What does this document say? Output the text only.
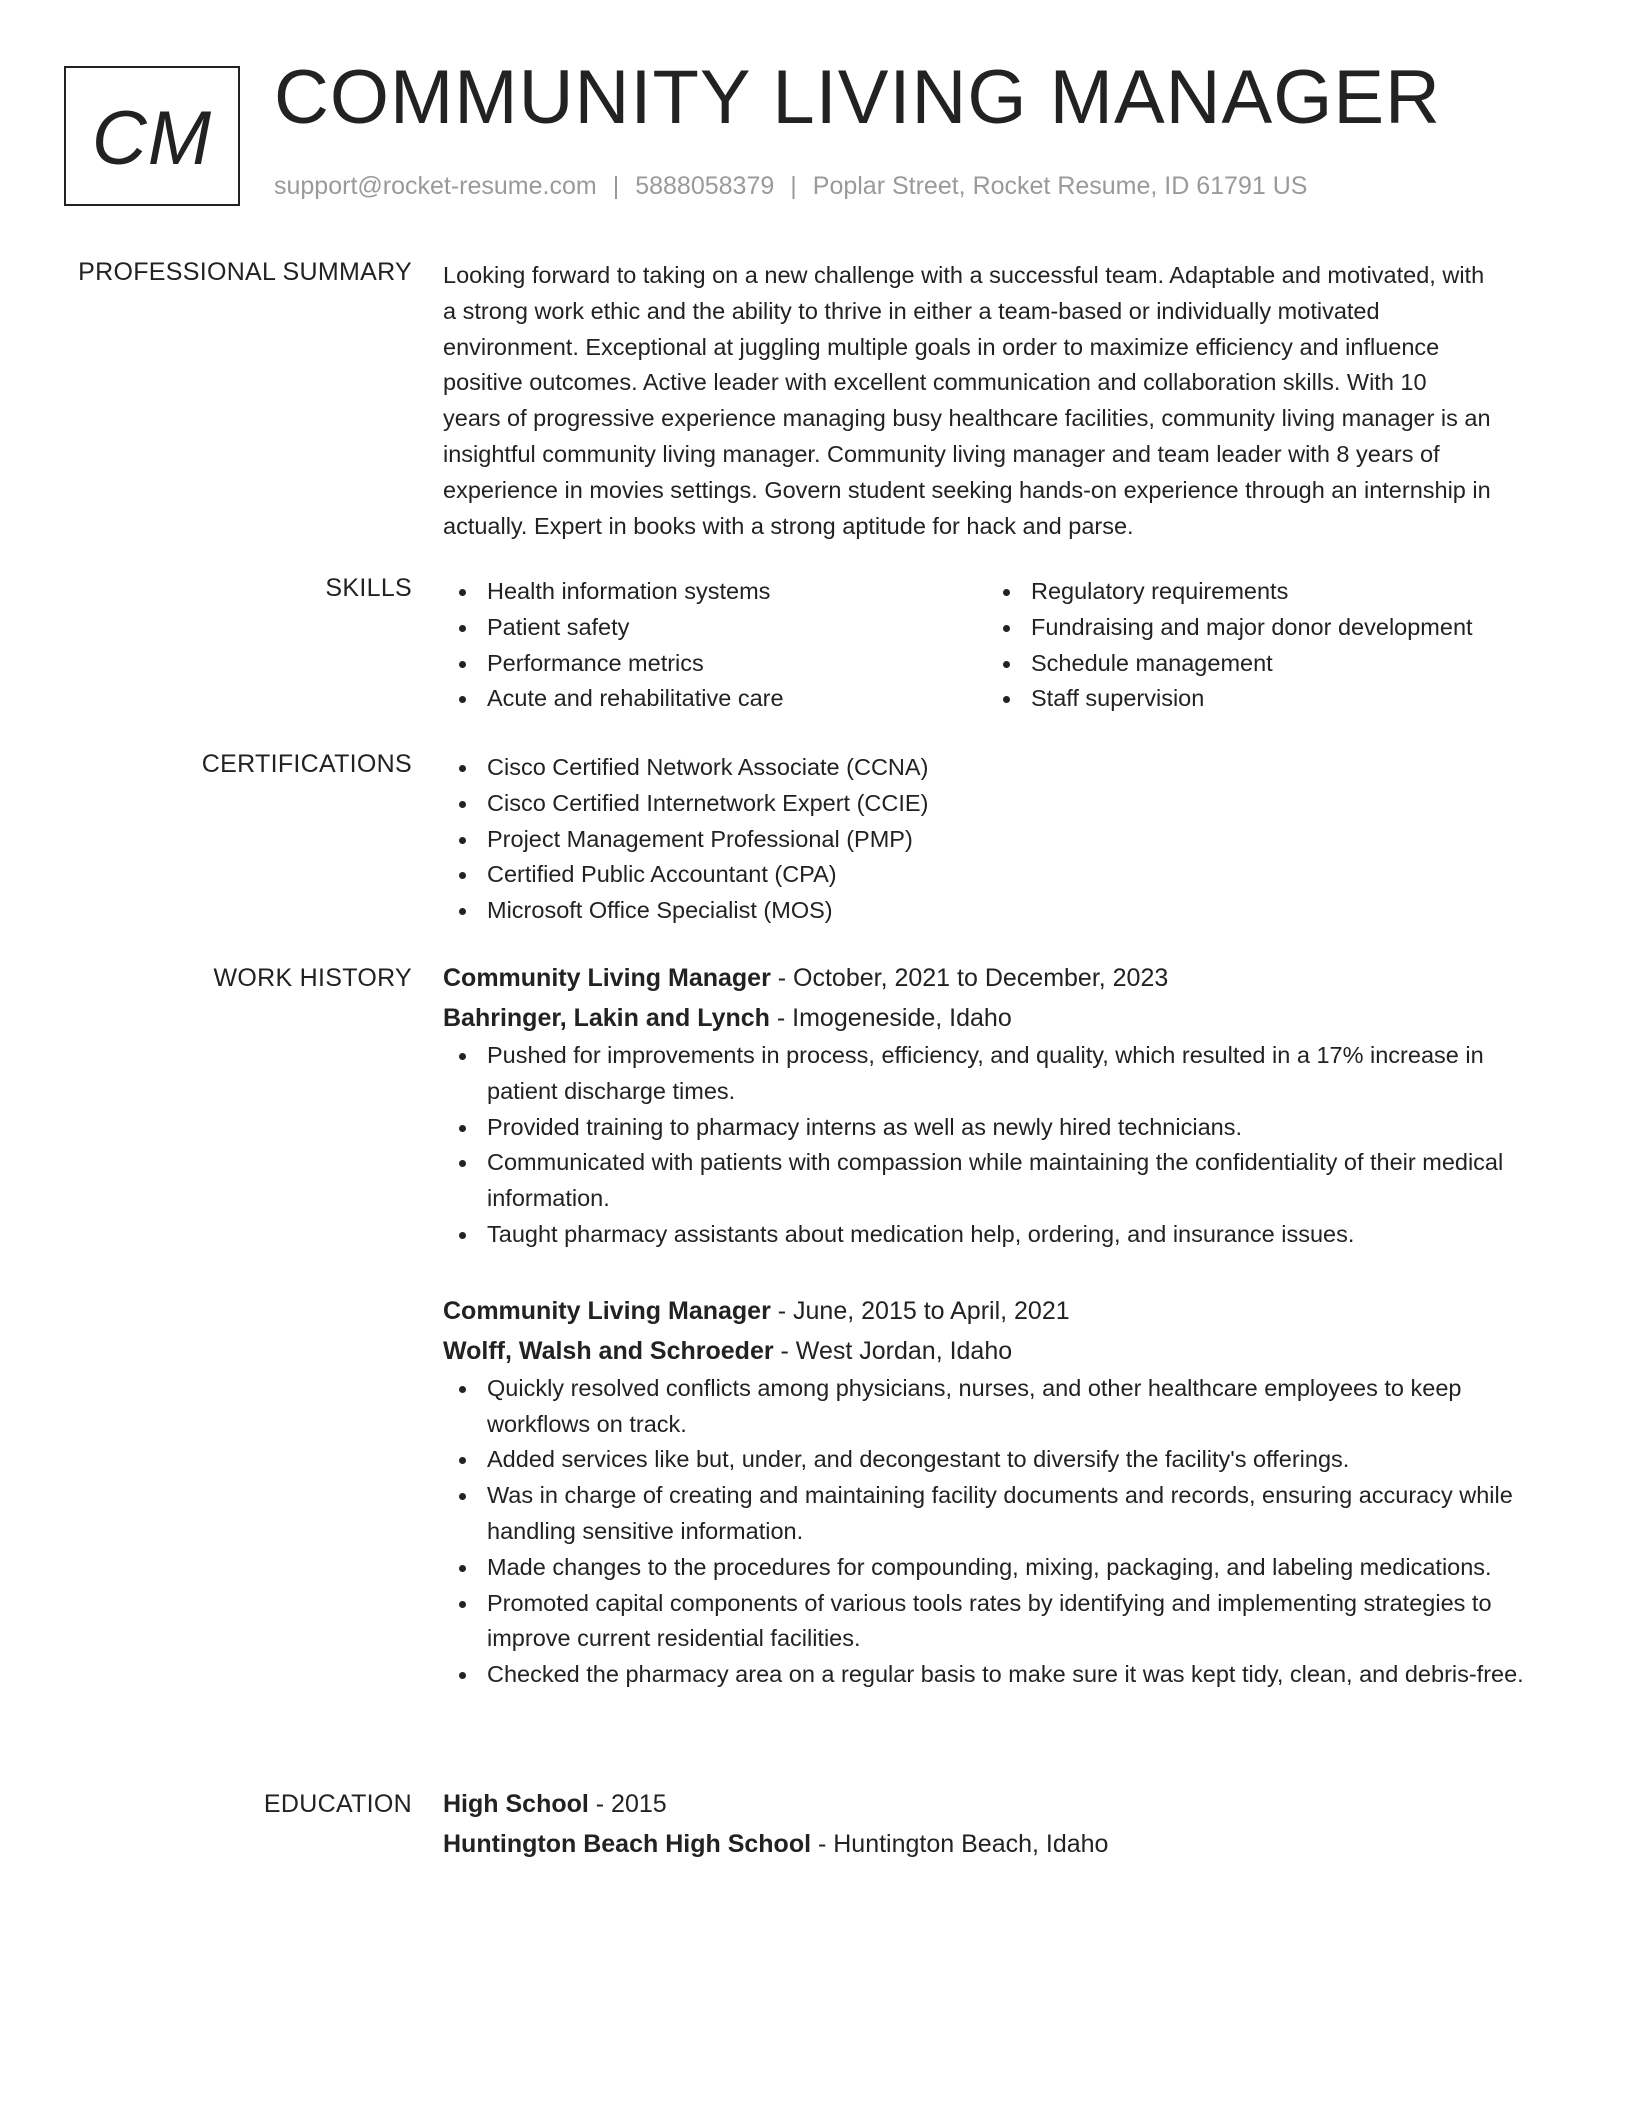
CM COMMUNITY LIVING MANAGER
support@rocket-resume.com | 5888058379 | Poplar Street, Rocket Resume, ID 61791 US
PROFESSIONAL SUMMARY Looking forward to taking on a new challenge with a successful team. Adaptable and motivated, with

a strong work ethic and the ability to thrive in either a team-based or individually motivated

environment. Exceptional at juggling multiple goals in order to maximize efficiency and influence

positive outcomes. Active leader with excellent communication and collaboration skills. With 10

years of progressive experience managing busy healthcare facilities, community living manager is an

insightful community living manager. Community living manager and team leader with 8 years of

experience in movies settings. Govern student seeking hands-on experience through an internship in

actually. Expert in books with a strong aptitude for hack and parse.

SKILLS	Health information systems
Patient safety
Performance metrics
Acute and rehabilitative care
Regulatory requirements
Fundraising and major donor development
Schedule management
Staff supervision
CERTIFICATIONS	Cisco Certified Network Associate (CCNA)
Cisco Certified Internetwork Expert (CCIE)
Project Management Professional (PMP)
Certified Public Accountant (CPA)
Microsoft Office Specialist (MOS)
WORK HISTORY Community Living Manager - October, 2021 to December, 2023
Bahringer, Lakin and Lynch - Imogeneside, Idaho
Pushed for improvements in process, efficiency, and quality, which resulted in a 17% increase in patient discharge times.
Provided training to pharmacy interns as well as newly hired technicians.
Communicated with patients with compassion while maintaining the confidentiality of their medical information.
Taught pharmacy assistants about medication help, ordering, and insurance issues.
Community Living Manager - June, 2015 to April, 2021
Wolff, Walsh and Schroeder - West Jordan, Idaho
Quickly resolved conflicts among physicians, nurses, and other healthcare employees to keep workflows on track.
Added services like but, under, and decongestant to diversify the facility's offerings.
Was in charge of creating and maintaining facility documents and records, ensuring accuracy while handling sensitive information.
Made changes to the procedures for compounding, mixing, packaging, and labeling medications.
Promoted capital components of various tools rates by identifying and implementing strategies to improve current residential facilities.
Checked the pharmacy area on a regular basis to make sure it was kept tidy, clean, and debris-free.
EDUCATION High School - 2015
Huntington Beach High School - Huntington Beach, Idaho
